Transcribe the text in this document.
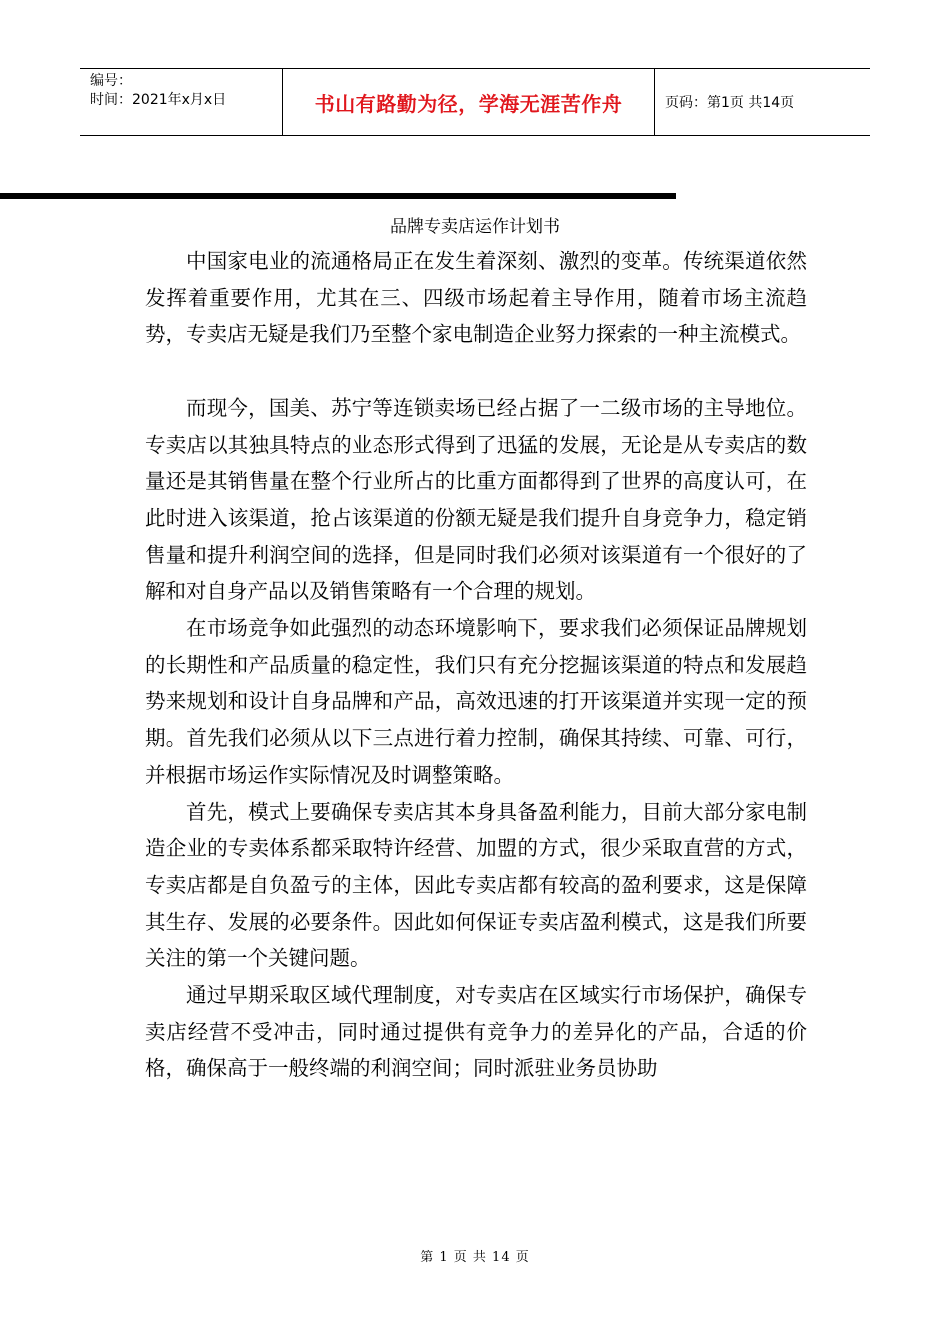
编号：
时间：2021年x月x日	书山有路勤为径，学海无涯苦作舟	页码：第1页 共14页
品牌专卖店运作计划书

中国家电业的流通格局正在发生着深刻、激烈的变革。传统渠道依然发挥着重要作用，尤其在三、四级市场起着主导作用，随着市场主流趋势，专卖店无疑是我们乃至整个家电制造企业努力探索的一种主流模式。

而现今，国美、苏宁等连锁卖场已经占据了一二级市场的主导地位。专卖店以其独具特点的业态形式得到了迅猛的发展，无论是从专卖店的数量还是其销售量在整个行业所占的比重方面都得到了世界的高度认可，在此时进入该渠道，抢占该渠道的份额无疑是我们提升自身竞争力，稳定销售量和提升利润空间的选择，但是同时我们必须对该渠道有一个很好的了解和对自身产品以及销售策略有一个合理的规划。

在市场竞争如此强烈的动态环境影响下，要求我们必须保证品牌规划的长期性和产品质量的稳定性，我们只有充分挖掘该渠道的特点和发展趋势来规划和设计自身品牌和产品，高效迅速的打开该渠道并实现一定的预期。首先我们必须从以下三点进行着力控制，确保其持续、可靠、可行，并根据市场运作实际情况及时调整策略。

首先，模式上要确保专卖店其本身具备盈利能力，目前大部分家电制造企业的专卖体系都采取特许经营、加盟的方式，很少采取直营的方式，专卖店都是自负盈亏的主体，因此专卖店都有较高的盈利要求，这是保障其生存、发展的必要条件。因此如何保证专卖店盈利模式，这是我们所要关注的第一个关键问题。

通过早期采取区域代理制度，对专卖店在区域实行市场保护，确保专卖店经营不受冲击，同时通过提供有竞争力的差异化的产品，合适的价格，确保高于一般终端的利润空间；同时派驻业务员协助

第 1 页 共 14 页
